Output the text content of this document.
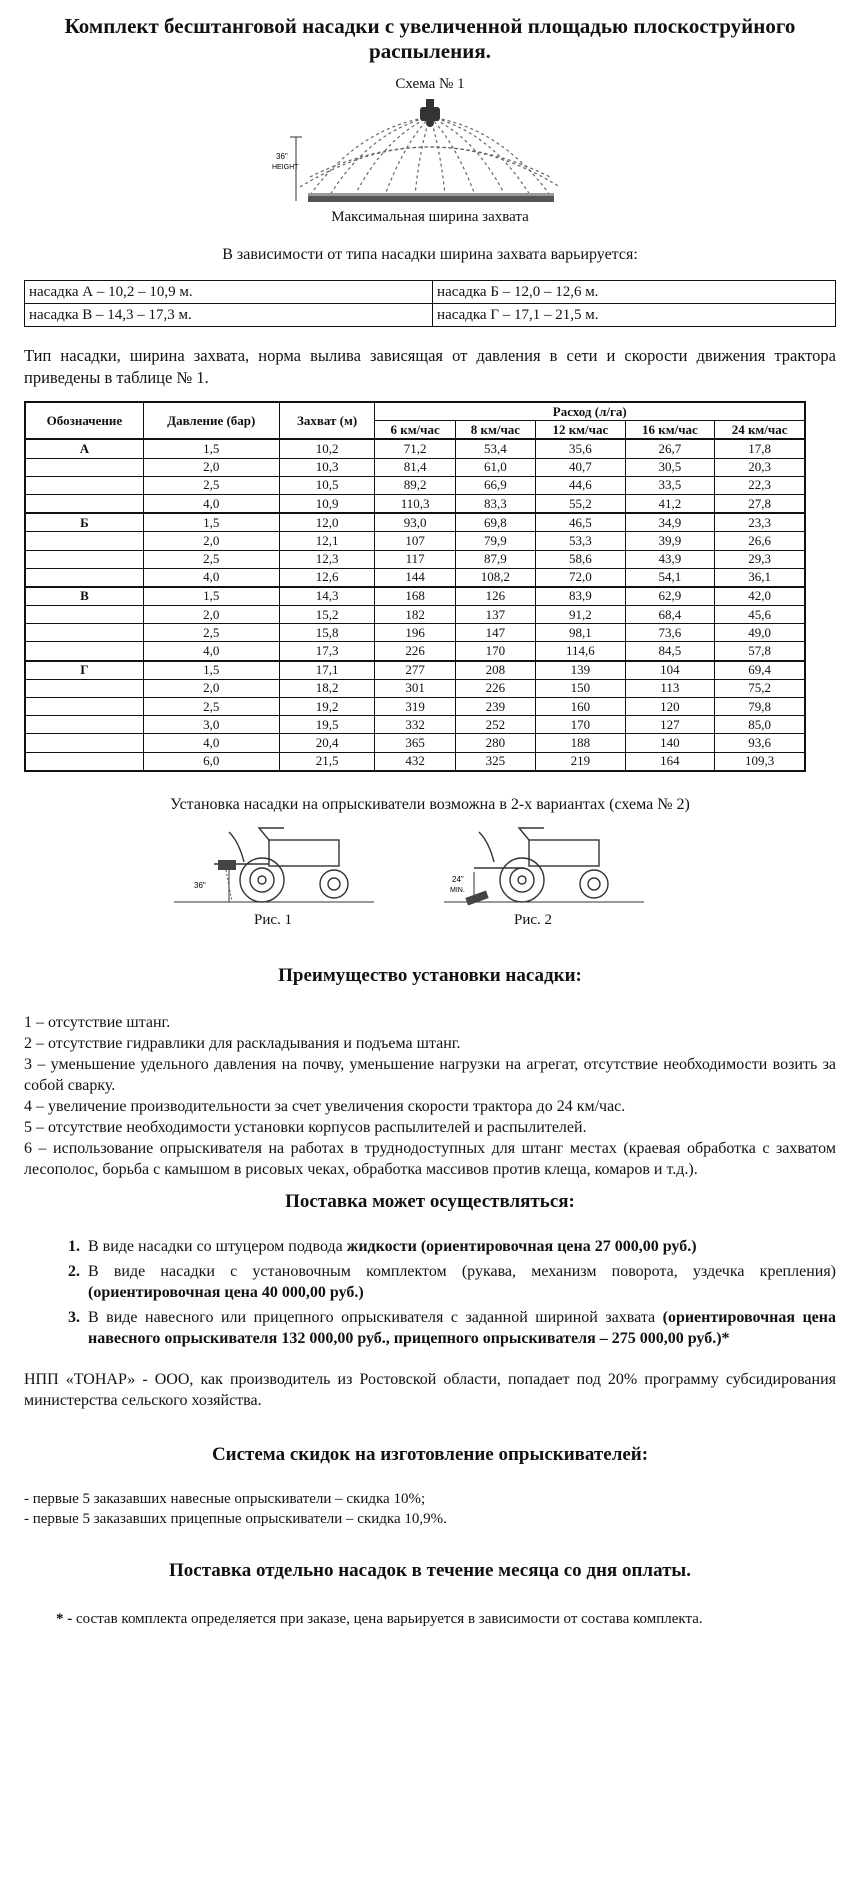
Комплект бесштанговой насадки с увеличенной площадью плоскоструйного распыления.
Схема № 1
36"
HEIGHT
Максимальная ширина захвата
В зависимости от типа насадки ширина захвата варьируется:
насадка А – 10,2 – 10,9 м.	насадка Б – 12,0 – 12,6 м.
насадка В – 14,3 – 17,3 м.	насадка Г – 17,1 – 21,5 м.
Тип насадки, ширина захвата, норма вылива зависящая от давления в сети и скорости движения трактора приведены в таблице № 1.
Обозначение	Давление (бар)	Захват (м)	Расход (л/га)				
			6 км/час	8 км/час	12 км/час	16 км/час	24 км/час
А	1,5	10,2	71,2	53,4	35,6	26,7	17,8
	2,0	10,3	81,4	61,0	40,7	30,5	20,3
	2,5	10,5	89,2	66,9	44,6	33,5	22,3
	4,0	10,9	110,3	83,3	55,2	41,2	27,8
Б	1,5	12,0	93,0	69,8	46,5	34,9	23,3
	2,0	12,1	107	79,9	53,3	39,9	26,6
	2,5	12,3	117	87,9	58,6	43,9	29,3
	4,0	12,6	144	108,2	72,0	54,1	36,1
В	1,5	14,3	168	126	83,9	62,9	42,0
	2,0	15,2	182	137	91,2	68,4	45,6
	2,5	15,8	196	147	98,1	73,6	49,0
	4,0	17,3	226	170	114,6	84,5	57,8
Г	1,5	17,1	277	208	139	104	69,4
	2,0	18,2	301	226	150	113	75,2
	2,5	19,2	319	239	160	120	79,8
	3,0	19,5	332	252	170	127	85,0
	4,0	20,4	365	280	188	140	93,6
	6,0	21,5	432	325	219	164	109,3
Установка насадки на опрыскиватели возможна в 2-х вариантах (схема № 2)
36"
Рис. 1
24"
MIN.
Рис. 2
Преимущество установки насадки:
1 – отсутствие штанг.
2 – отсутствие гидравлики для раскладывания и подъема штанг.
3 – уменьшение удельного давления на почву, уменьшение нагрузки на агрегат, отсутствие необходимости возить за собой сварку.
4 – увеличение производительности за счет увеличения скорости трактора до 24 км/час.
5 – отсутствие необходимости установки корпусов распылителей и распылителей.
6 – использование опрыскивателя на работах в труднодоступных для штанг местах (краевая обработка с захватом лесополос, борьба с камышом в рисовых чеках, обработка массивов против клеща, комаров и т.д.).
Поставка может осуществляться:
1. В виде насадки со штуцером подвода жидкости (ориентировочная цена 27 000,00 руб.)
2. В виде насадки с установочным комплектом (рукава, механизм поворота, уздечка крепления) (ориентировочная цена 40 000,00 руб.)
3. В виде навесного или прицепного опрыскивателя с заданной шириной захвата (ориентировочная цена навесного опрыскивателя 132 000,00 руб., прицепного опрыскивателя – 275 000,00 руб.)*
НПП «ТОНАР» - ООО, как производитель из Ростовской области, попадает под 20% программу субсидирования министерства сельского хозяйства.
Система скидок на изготовление опрыскивателей:
- первые 5 заказавших навесные опрыскиватели – скидка 10%;
- первые 5 заказавших прицепные опрыскиватели – скидка 10,9%.
Поставка отдельно насадок в течение месяца со дня оплаты.
* - состав комплекта определяется при заказе, цена варьируется в зависимости от состава комплекта.
